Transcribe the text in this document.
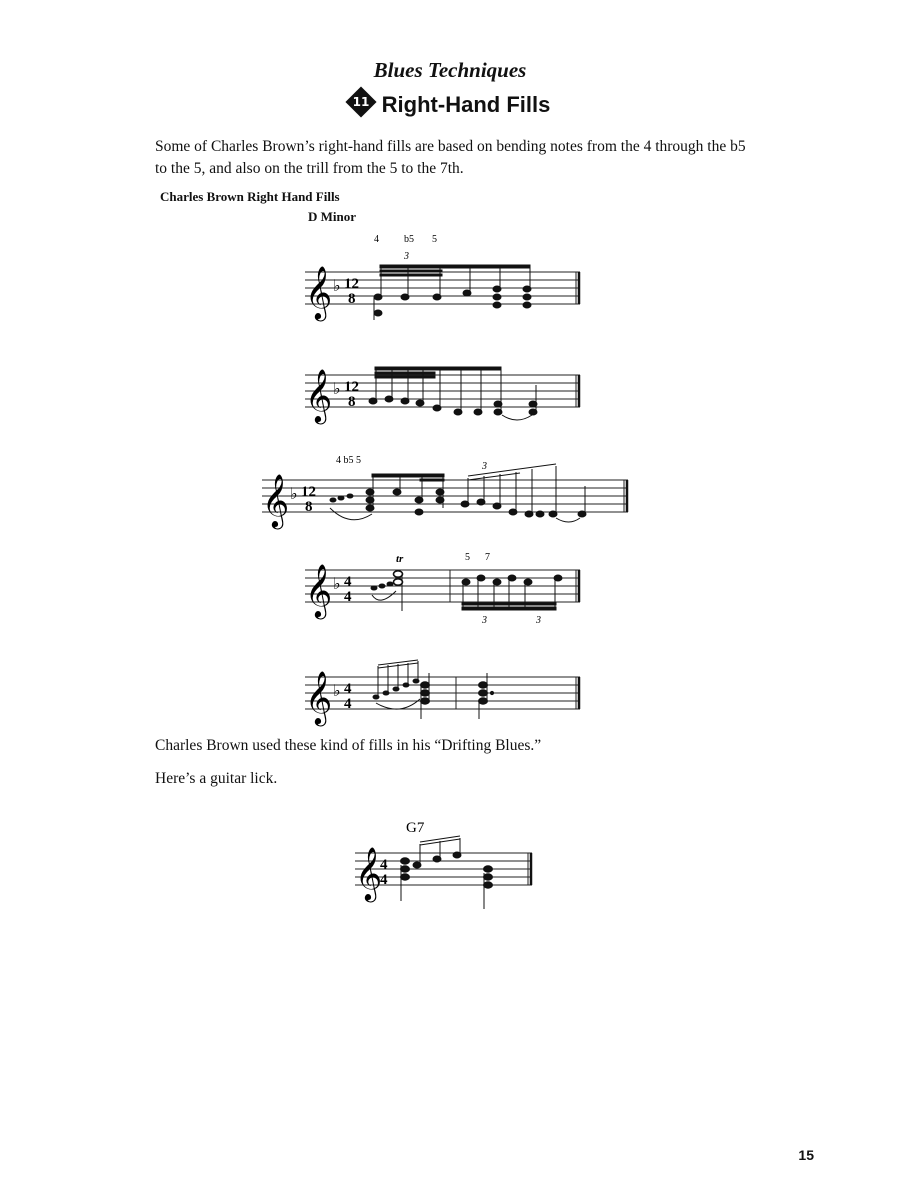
Blues Techniques
11 Right-Hand Fills
Some of Charles Brown’s right-hand fills are based on bending notes from the 4 through the b5 to the 5, and also on the trill from the 5 to the 7th.
Charles Brown Right Hand Fills
D Minor
𝄞 ♭ 12
8
4	b5 5
3
𝄞 ♭ 12
8
𝄞 ♭ 12
8
4 b5 5
3
𝄞 ♭ 4
4
tr	5 7
3	3
𝄞 ♭ 4
4
Charles Brown used these kind of fills in his “Drifting Blues.”
Here’s a guitar lick.
G7
𝄞
4
4
15
